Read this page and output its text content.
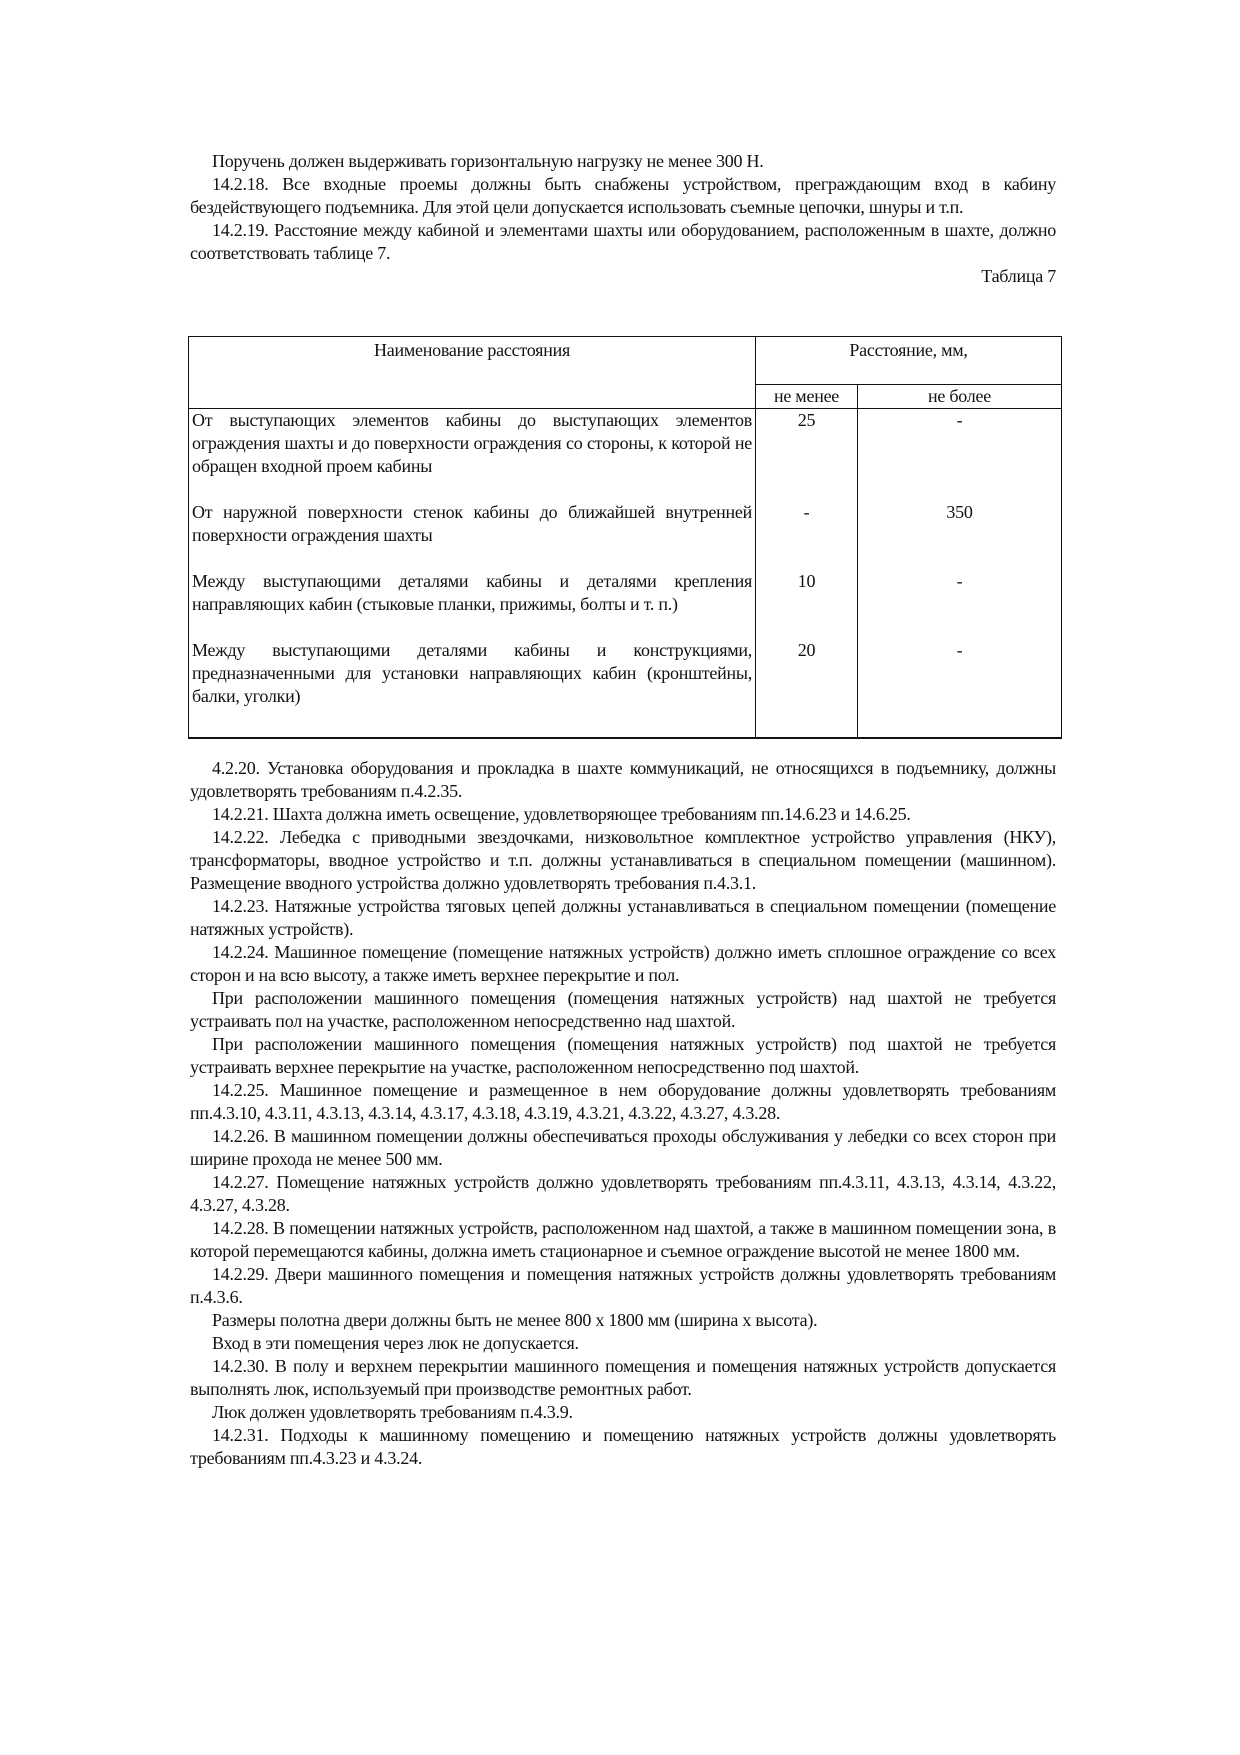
Поручень должен выдерживать горизонтальную нагрузку не менее 300 Н.

14.2.18. Все входные проемы должны быть снабжены устройством, преграждающим вход в кабину бездействующего подъемника. Для этой цели допускается использовать съемные цепочки, шнуры и т.п.

14.2.19. Расстояние между кабиной и элементами шахты или оборудованием, расположенным в шахте, должно соответствовать таблице 7.

Таблица 7

Наименование расстояния	Расстояние, мм,	
	не менее	не более
От выступающих элементов кабины до выступающих элементов ограждения шахты и до поверхности ограждения со стороны, к которой не обращен входной проем кабины	25	-
От наружной поверхности стенок кабины до ближайшей внутренней поверхности ограждения шахты	-	350
Между выступающими деталями кабины и деталями крепления направляющих кабин (стыковые планки, прижимы, болты и т. п.)	10	-
Между выступающими деталями кабины и конструкциями, предназначенными для установки направляющих кабин (кронштейны, балки, уголки)	20	-

4.2.20. Установка оборудования и прокладка в шахте коммуникаций, не относящихся в подъемнику, должны удовлетворять требованиям п.4.2.35.

14.2.21. Шахта должна иметь освещение, удовлетворяющее требованиям пп.14.6.23 и 14.6.25.

14.2.22. Лебедка с приводными звездочками, низковольтное комплектное устройство управления (НКУ), трансформаторы, вводное устройство и т.п. должны устанавливаться в специальном помещении (машинном). Размещение вводного устройства должно удовлетворять требования п.4.3.1.

14.2.23. Натяжные устройства тяговых цепей должны устанавливаться в специальном помещении (помещение натяжных устройств).

14.2.24. Машинное помещение (помещение натяжных устройств) должно иметь сплошное ограждение со всех сторон и на всю высоту, а также иметь верхнее перекрытие и пол.

При расположении машинного помещения (помещения натяжных устройств) над шахтой не требуется устраивать пол на участке, расположенном непосредственно над шахтой.

При расположении машинного помещения (помещения натяжных устройств) под шахтой не требуется устраивать верхнее перекрытие на участке, расположенном непосредственно под шахтой.

14.2.25. Машинное помещение и размещенное в нем оборудование должны удовлетворять требованиям пп.4.3.10, 4.3.11, 4.3.13, 4.3.14, 4.3.17, 4.3.18, 4.3.19, 4.3.21, 4.3.22, 4.3.27, 4.3.28.

14.2.26. В машинном помещении должны обеспечиваться проходы обслуживания у лебедки со всех сторон при ширине прохода не менее 500 мм.

14.2.27. Помещение натяжных устройств должно удовлетворять требованиям пп.4.3.11, 4.3.13, 4.3.14, 4.3.22, 4.3.27, 4.3.28.

14.2.28. В помещении натяжных устройств, расположенном над шахтой, а также в машинном помещении зона, в которой перемещаются кабины, должна иметь стационарное и съемное ограждение высотой не менее 1800 мм.

14.2.29. Двери машинного помещения и помещения натяжных устройств должны удовлетворять требованиям п.4.3.6.

Размеры полотна двери должны быть не менее 800 х 1800 мм (ширина х высота).

Вход в эти помещения через люк не допускается.

14.2.30. В полу и верхнем перекрытии машинного помещения и помещения натяжных устройств допускается выполнять люк, используемый при производстве ремонтных работ.

Люк должен удовлетворять требованиям п.4.3.9.

14.2.31. Подходы к машинному помещению и помещению натяжных устройств должны удовлетворять требованиям пп.4.3.23 и 4.3.24.
